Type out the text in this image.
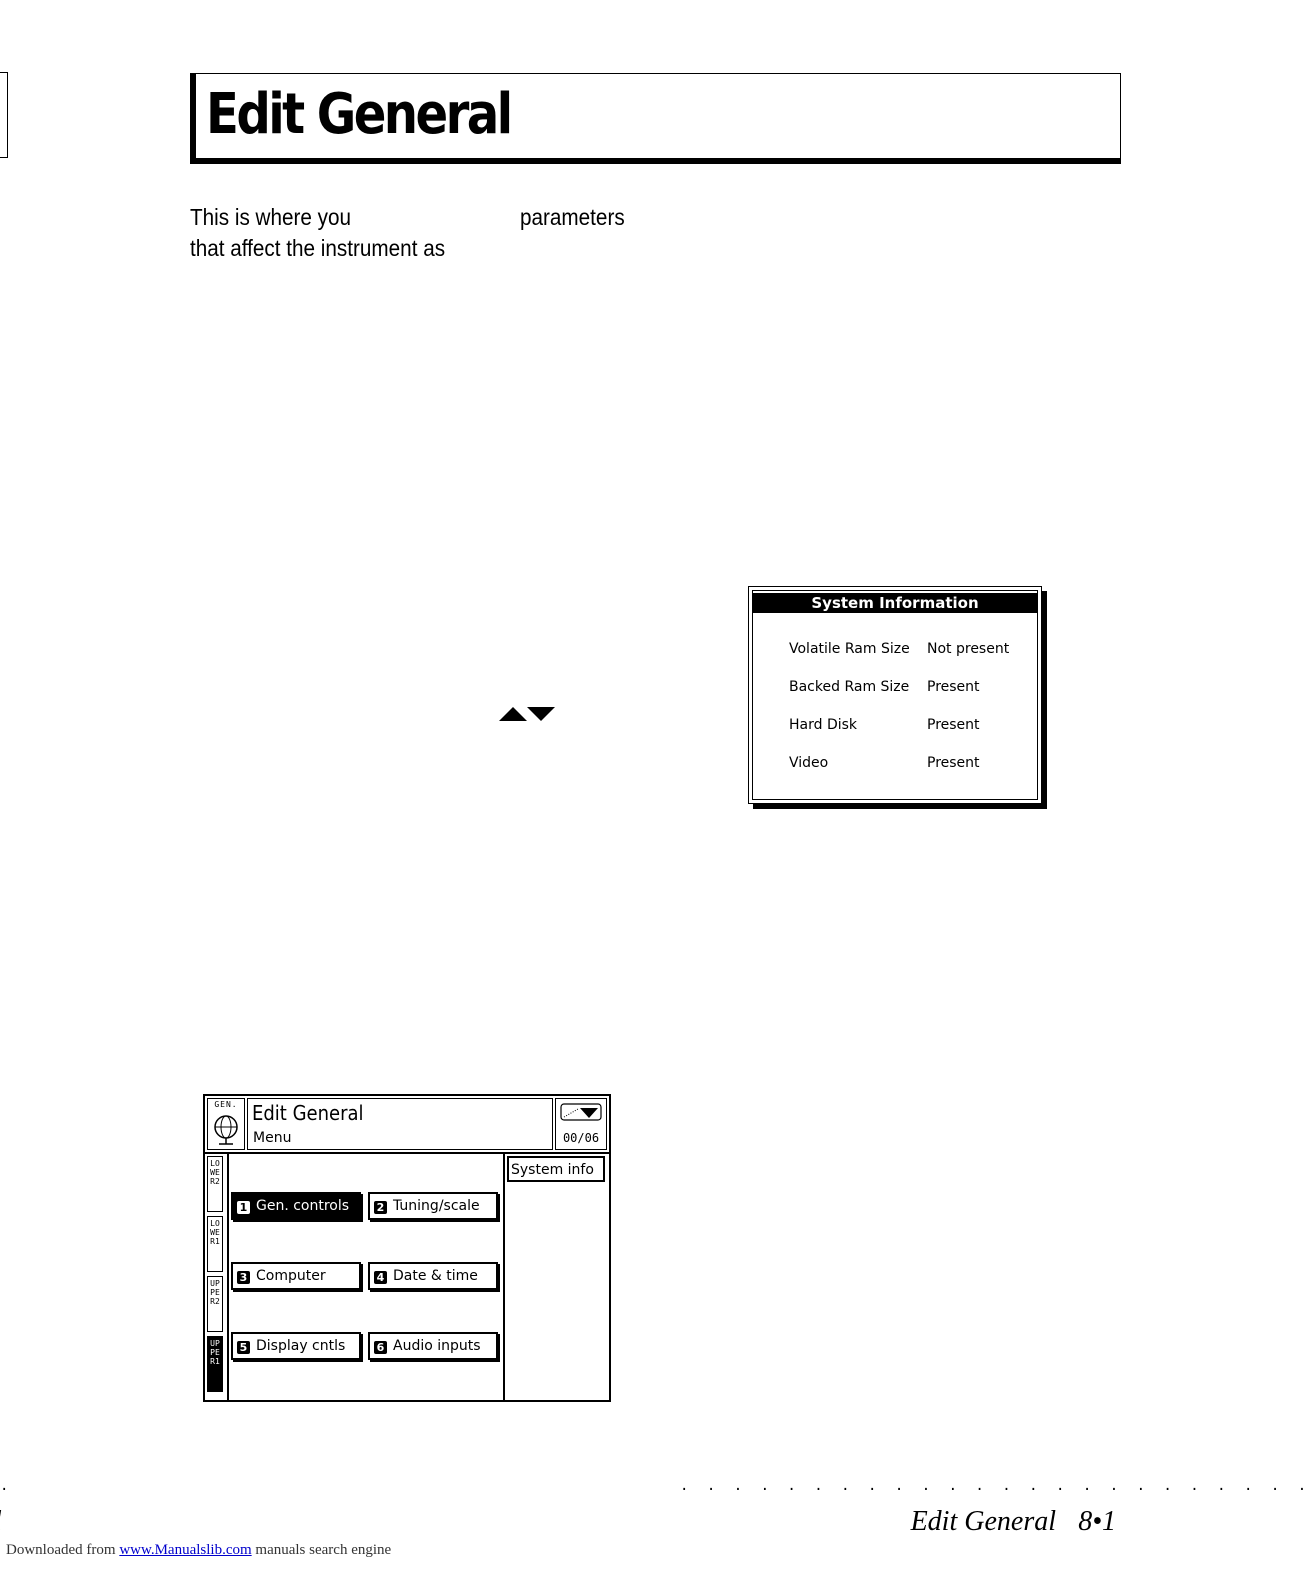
Edit General
This is where you	parameters
that affect the instrument as
System Information
Volatile Ram Size Not present
Backed Ram Size Present
Hard Disk	Present
Video	Present
GEN. Edit General
Menu	00/06
LOWER2
LOWER1
UPPER2
UPPER1
1 Gen. controls	2 Tuning/scale
3 Computer	4 Date & time
5 Display cntls	6 Audio inputs
System info
.	. . . . . . . . . . . . . . . . . . . . . . . .
Edit General 8•1
Downloaded from www.Manualslib.com manuals search engine
